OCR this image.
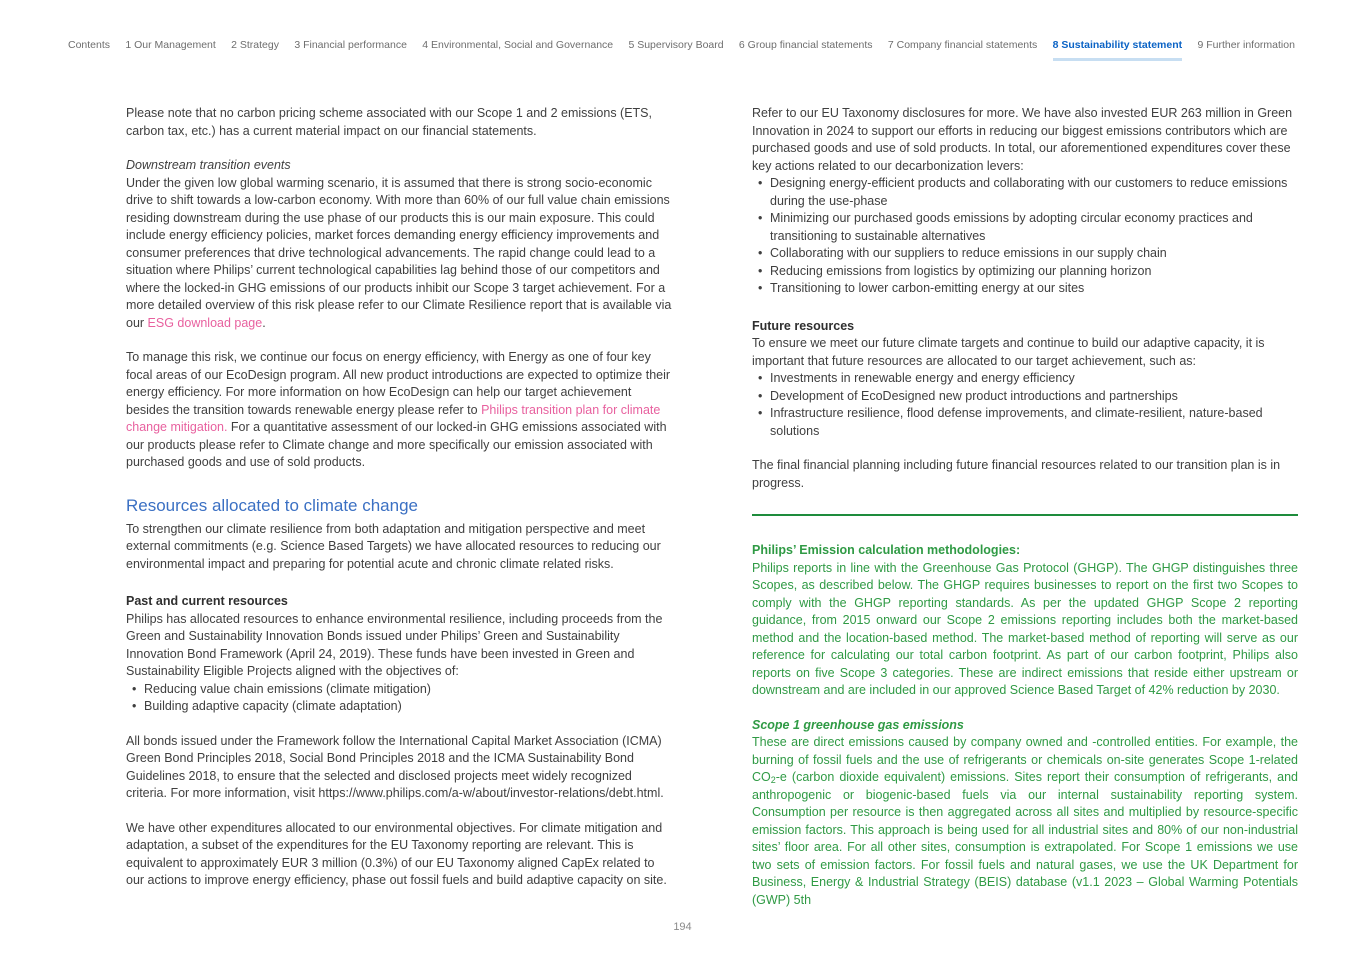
Contents 1 Our Management 2 Strategy 3 Financial performance 4 Environmental, Social and Governance 5 Supervisory Board 6 Group financial statements 7 Company financial statements 8 Sustainability statement 9 Further information

Please note that no carbon pricing scheme associated with our Scope 1 and 2 emissions (ETS, carbon tax, etc.) has a current material impact on our financial statements.

Downstream transition events

Under the given low global warming scenario, it is assumed that there is strong socio-economic drive to shift towards a low-carbon economy. With more than 60% of our full value chain emissions residing downstream during the use phase of our products this is our main exposure. This could include energy efficiency policies, market forces demanding energy efficiency improvements and consumer preferences that drive technological advancements. The rapid change could lead to a situation where Philips’ current technological capabilities lag behind those of our competitors and where the locked-in GHG emissions of our products inhibit our Scope 3 target achievement. For a more detailed overview of this risk please refer to our Climate Resilience report that is available via our ESG download page.

To manage this risk, we continue our focus on energy efficiency, with Energy as one of four key focal areas of our EcoDesign program. All new product introductions are expected to optimize their energy efficiency. For more information on how EcoDesign can help our target achievement besides the transition towards renewable energy please refer to Philips transition plan for climate change mitigation. For a quantitative assessment of our locked-in GHG emissions associated with our products please refer to Climate change and more specifically our emission associated with purchased goods and use of sold products.

Resources allocated to climate change

To strengthen our climate resilience from both adaptation and mitigation perspective and meet external commitments (e.g. Science Based Targets) we have allocated resources to reducing our environmental impact and preparing for potential acute and chronic climate related risks.

Past and current resources

Philips has allocated resources to enhance environmental resilience, including proceeds from the Green and Sustainability Innovation Bonds issued under Philips’ Green and Sustainability Innovation Bond Framework (April 24, 2019). These funds have been invested in Green and Sustainability Eligible Projects aligned with the objectives of:

• Reducing value chain emissions (climate mitigation)
• Building adaptive capacity (climate adaptation)

All bonds issued under the Framework follow the International Capital Market Association (ICMA) Green Bond Principles 2018, Social Bond Principles 2018 and the ICMA Sustainability Bond Guidelines 2018, to ensure that the selected and disclosed projects meet widely recognized criteria. For more information, visit https://www.philips.com/a-w/about/investor-relations/debt.html.

We have other expenditures allocated to our environmental objectives. For climate mitigation and adaptation, a subset of the expenditures for the EU Taxonomy reporting are relevant. This is equivalent to approximately EUR 3 million (0.3%) of our EU Taxonomy aligned CapEx related to our actions to improve energy efficiency, phase out fossil fuels and build adaptive capacity on site.

Refer to our EU Taxonomy disclosures for more. We have also invested EUR 263 million in Green Innovation in 2024 to support our efforts in reducing our biggest emissions contributors which are purchased goods and use of sold products. In total, our aforementioned expenditures cover these key actions related to our decarbonization levers:

• Designing energy-efficient products and collaborating with our customers to reduce emissions during the use-phase
• Minimizing our purchased goods emissions by adopting circular economy practices and transitioning to sustainable alternatives
• Collaborating with our suppliers to reduce emissions in our supply chain
• Reducing emissions from logistics by optimizing our planning horizon
• Transitioning to lower carbon-emitting energy at our sites

Future resources

To ensure we meet our future climate targets and continue to build our adaptive capacity, it is important that future resources are allocated to our target achievement, such as:

• Investments in renewable energy and energy efficiency
• Development of EcoDesigned new product introductions and partnerships
• Infrastructure resilience, flood defense improvements, and climate-resilient, nature-based solutions

The final financial planning including future financial resources related to our transition plan is in progress.

Philips’ Emission calculation methodologies:

Philips reports in line with the Greenhouse Gas Protocol (GHGP). The GHGP distinguishes three Scopes, as described below. The GHGP requires businesses to report on the first two Scopes to comply with the GHGP reporting standards. As per the updated GHGP Scope 2 reporting guidance, from 2015 onward our Scope 2 emissions reporting includes both the market-based method and the location-based method. The market-based method of reporting will serve as our reference for calculating our total carbon footprint. As part of our carbon footprint, Philips also reports on five Scope 3 categories. These are indirect emissions that reside either upstream or downstream and are included in our approved Science Based Target of 42% reduction by 2030.

Scope 1 greenhouse gas emissions

These are direct emissions caused by company owned and -controlled entities. For example, the burning of fossil fuels and the use of refrigerants or chemicals on-site generates Scope 1-related $CO_2-e$ (carbon dioxide equivalent) emissions. Sites report their consumption of refrigerants, and anthropogenic or biogenic-based fuels via our internal sustainability reporting system. Consumption per resource is then aggregated across all sites and multiplied by resource-specific emission factors. This approach is being used for all industrial sites and 80% of our non-industrial sites’ floor area. For all other sites, consumption is extrapolated. For Scope 1 emissions we use two sets of emission factors. For fossil fuels and natural gases, we use the UK Department for Business, Energy & Industrial Strategy (BEIS) database (v1.1 2023 – Global Warming Potentials (GWP) 5th

194
